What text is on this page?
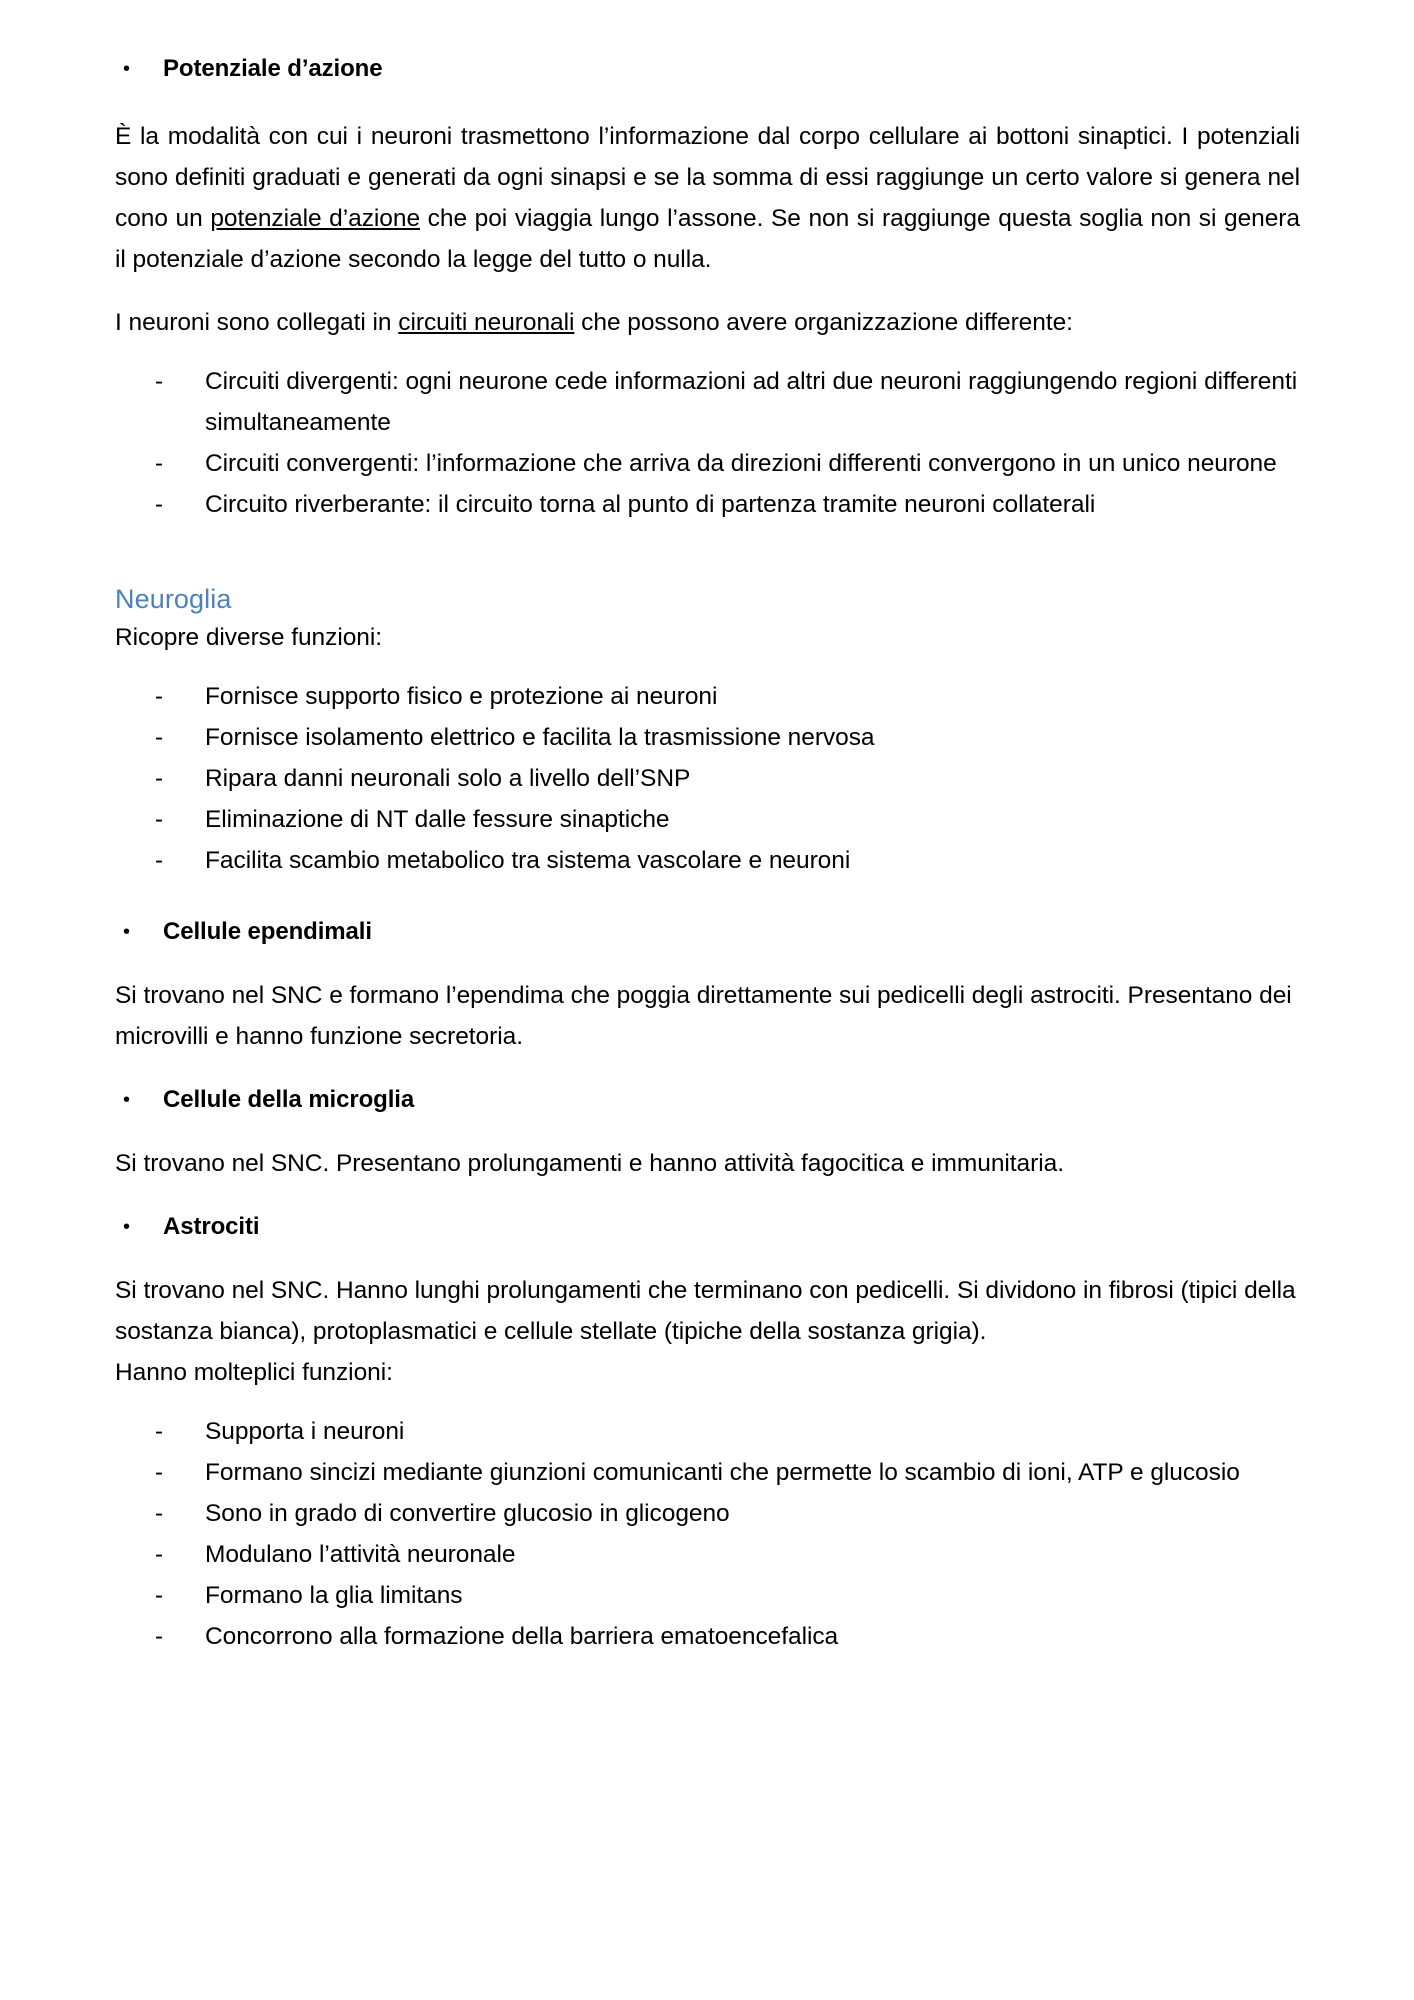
•	Potenziale d’azione

È la modalità con cui i neuroni trasmettono l’informazione dal corpo cellulare ai bottoni sinaptici. I potenziali sono definiti graduati e generati da ogni sinapsi e se la somma di essi raggiunge un certo valore si genera nel cono un potenziale d’azione che poi viaggia lungo l’assone. Se non si raggiunge questa soglia non si genera il potenziale d’azione secondo la legge del tutto o nulla.

I neuroni sono collegati in circuiti neuronali che possono avere organizzazione differente:

- Circuiti divergenti: ogni neurone cede informazioni ad altri due neuroni raggiungendo regioni differenti simultaneamente
- Circuiti convergenti: l’informazione che arriva da direzioni differenti convergono in un unico neurone
- Circuito riverberante: il circuito torna al punto di partenza tramite neuroni collaterali
Neuroglia

Ricopre diverse funzioni:

- Fornisce supporto fisico e protezione ai neuroni
- Fornisce isolamento elettrico e facilita la trasmissione nervosa
- Ripara danni neuronali solo a livello dell’SNP
- Eliminazione di NT dalle fessure sinaptiche
- Facilita scambio metabolico tra sistema vascolare e neuroni
•	Cellule ependimali

Si trovano nel SNC e formano l’ependima che poggia direttamente sui pedicelli degli astrociti. Presentano dei microvilli e hanno funzione secretoria.

•	Cellule della microglia

Si trovano nel SNC. Presentano prolungamenti e hanno attività fagocitica e immunitaria.

•	Astrociti

Si trovano nel SNC. Hanno lunghi prolungamenti che terminano con pedicelli. Si dividono in fibrosi (tipici della sostanza bianca), protoplasmatici e cellule stellate (tipiche della sostanza grigia).

Hanno molteplici funzioni:

- Supporta i neuroni
- Formano sincizi mediante giunzioni comunicanti che permette lo scambio di ioni, ATP e glucosio
- Sono in grado di convertire glucosio in glicogeno
- Modulano l’attività neuronale
- Formano la glia limitans
- Concorrono alla formazione della barriera ematoencefalica
